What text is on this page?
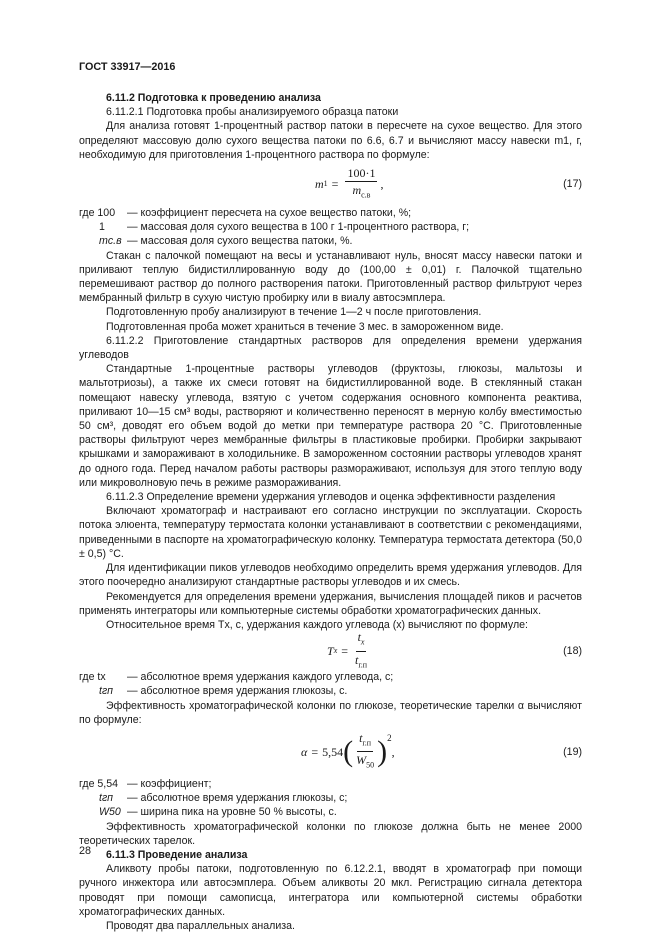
ГОСТ 33917—2016

6.11.2 Подготовка к проведению анализа

6.11.2.1 Подготовка пробы анализируемого образца патоки

Для анализа готовят 1-процентный раствор патоки в пересчете на сухое вещество. Для этого определяют массовую долю сухого вещества патоки по 6.6, 6.7 и вычисляют массу навески m1, г, необходимую для приготовления 1-процентного раствора по формуле:

m $1 = \frac{100\cdot 1}{m_{с.в}}$ ,	(17)
где 100	— коэффициент пересчета на сухое вещество патоки, %;
1	— массовая доля сухого вещества в 100 г 1-процентного раствора, г;
mс.в — массовая доля сухого вещества патоки, %.

Стакан с палочкой помещают на весы и устанавливают нуль, вносят массу навески патоки и приливают теплую бидистиллированную воду до (100,00 ± 0,01) г. Палочкой тщательно перемешивают раствор до полного растворения патоки. Приготовленный раствор фильтруют через мембранный фильтр в сухую чистую пробирку или в виалу автосэмплера.

Подготовленную пробу анализируют в течение 1—2 ч после приготовления.

Подготовленная проба может храниться в течение 3 мес. в замороженном виде.

6.11.2.2 Приготовление стандартных растворов для определения времени удержания углеводов

Стандартные 1-процентные растворы углеводов (фруктозы, глюкозы, мальтозы и мальтотриозы), а также их смеси готовят на бидистиллированной воде. В стеклянный стакан помещают навеску углевода, взятую с учетом содержания основного компонента реактива, приливают 10—15 см³ воды, растворяют и количественно переносят в мерную колбу вместимостью 50 см³, доводят его объем водой до метки при температуре раствора 20 °С. Приготовленные растворы фильтруют через мембранные фильтры в пластиковые пробирки. Пробирки закрывают крышками и замораживают в холодильнике. В замороженном состоянии растворы углеводов хранят до одного года. Перед началом работы растворы размораживают, используя для этого теплую воду или микроволновую печь в режиме размораживания.

6.11.2.3 Определение времени удержания углеводов и оценка эффективности разделения

Включают хроматограф и настраивают его согласно инструкции по эксплуатации. Скорость потока элюента, температуру термостата колонки устанавливают в соответствии с рекомендациями, приведенными в паспорте на хроматографическую колонку. Температура термостата детектора (50,0 ± 0,5) °С.

Для идентификации пиков углеводов необходимо определить время удержания углеводов. Для этого поочередно анализируют стандартные растворы углеводов и их смесь.

Рекомендуется для определения времени удержания, вычисления площадей пиков и расчетов применять интеграторы или компьютерные системы обработки хроматографических данных.

Относительное время Tx, с, удержания каждого углевода (x) вычисляют по формуле:

T $x = \frac{t_x}{t_{г.п}}$	(18)
где tx	— абсолютное время удержания каждого углевода, с;
tгп	— абсолютное время удержания глюкозы, с.

Эффективность хроматографической колонки по глюкозе, теоретические тарелки α вычисляют по формуле:

α = 5,54 ( $\frac{t_{г.п}}{W_{50}} )^2$
,	(19)
где 5,54 — коэффициент;
tгп	— абсолютное время удержания глюкозы, с;
W50 — ширина пика на уровне 50 % высоты, с.

Эффективность хроматографической колонки по глюкозе должна быть не менее 2000 теоретических тарелок.

6.11.3 Проведение анализа

Аликвоту пробы патоки, подготовленную по 6.12.2.1, вводят в хроматограф при помощи ручного инжектора или автосэмплера. Объем аликвоты 20 мкл. Регистрацию сигнала детектора проводят при помощи самописца, интегратора или компьютерной системы обработки хроматографических данных.

Проводят два параллельных анализа.

28
